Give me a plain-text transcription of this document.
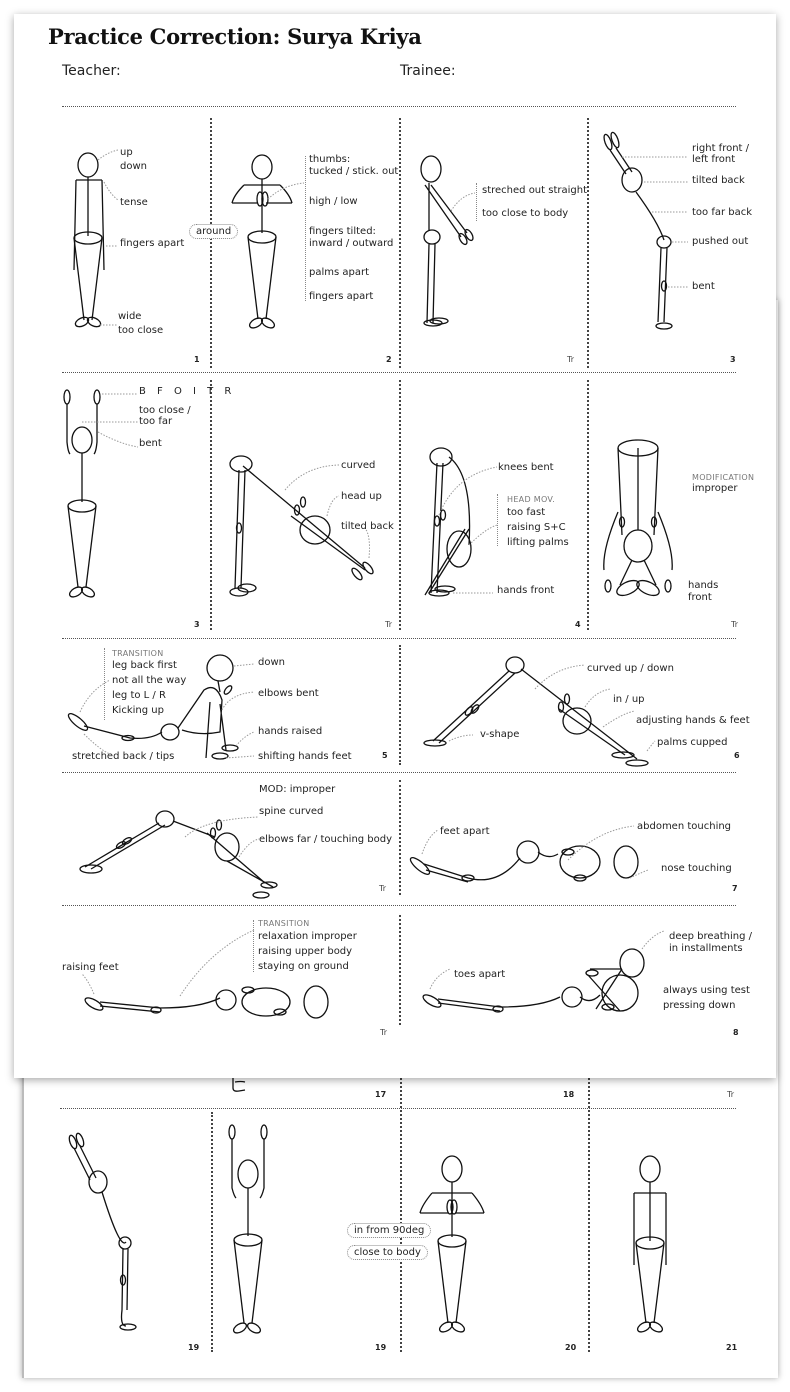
17	18	Tr
19
in from 90deg
close to body
19	20	21
Practice Correction: Surya Kriya
Teacher:	Trainee:
up
down
tense
fingers apart
wide
too close
1
around
thumbs:
tucked / stick. out
high / low
fingers tilted:
inward / outward
palms apart
fingers apart
2
streched out straight
too close to body
Tr
right front /
left front
tilted back
too far back
pushed out
bent
3
B F O I T R
too close /
too far
bent
3
curved
head up
tilted back
Tr
knees bent
HEAD MOV.
too fast
raising S+C
lifting palms
hands front
4
MODIFICATION
improper
hands
front
Tr
TRANSITION
leg back first
not all the way
leg to L / R
Kicking up
down
elbows bent
hands raised
stretched back / tips	shifting hands feet	5
curved up / down
in / up
adjusting hands & feet
v-shape
palms cupped
6
MOD: improper
spine curved
elbows far / touching body
Tr
feet apart	abdomen touching
nose touching
7
TRANSITION
relaxation improper
raising upper body
staying on ground
raising feet
Tr
deep breathing /
in installments
toes apart
always using test
pressing down
8
